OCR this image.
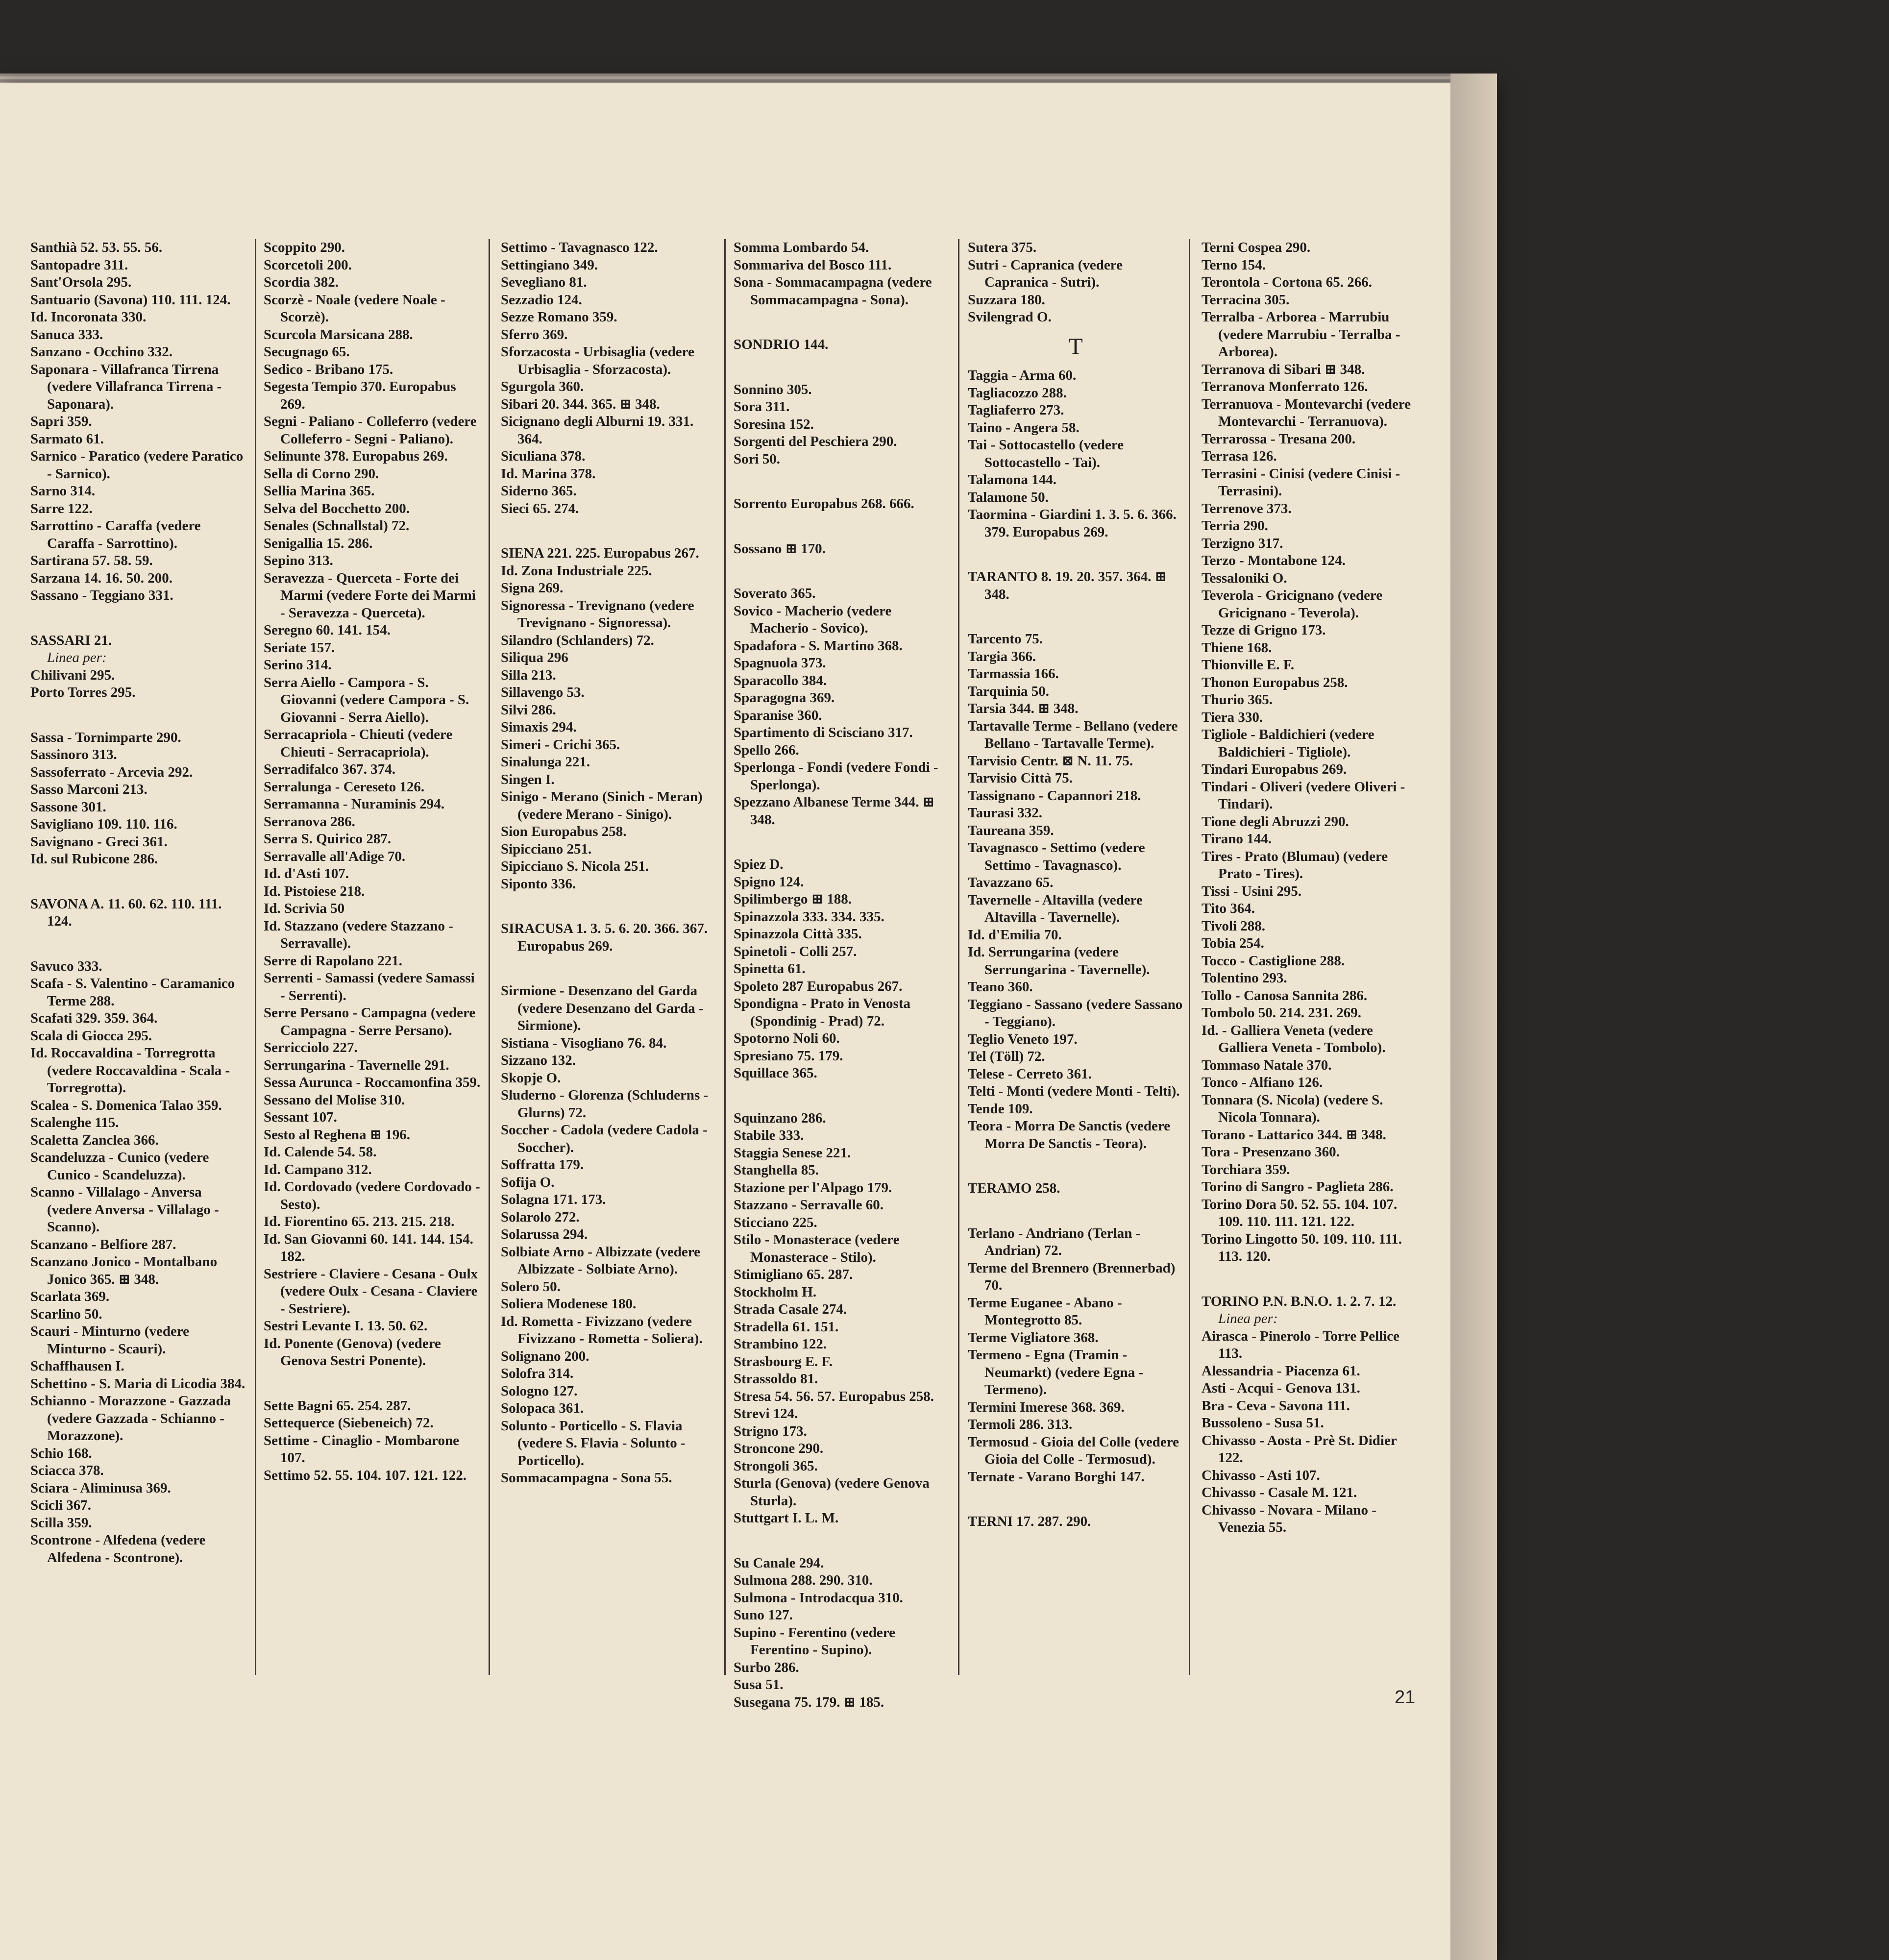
Santhià 52. 53. 55. 56.
Santopadre 311.
Sant'Orsola 295.
Santuario (Savona) 110. 111. 124.
Id. Incoronata 330.
Sanuca 333.
Sanzano - Occhino 332.
Saponara - Villafranca Tirrena (vedere Villafranca Tirrena - Saponara).
Sapri 359.
Sarmato 61.
Sarnico - Paratico (vedere Paratico - Sarnico).
Sarno 314.
Sarre 122.
Sarrottino - Caraffa (vedere Caraffa - Sarrottino).
Sartirana 57. 58. 59.
Sarzana 14. 16. 50. 200.
Sassano - Teggiano 331.
SASSARI 21.
Linea per:
Chilivani 295.
Porto Torres 295.
Sassa - Tornimparte 290.
Sassinoro 313.
Sassoferrato - Arcevia 292.
Sasso Marconi 213.
Sassone 301.
Savigliano 109. 110. 116.
Savignano - Greci 361.
Id. sul Rubicone 286.
SAVONA A. 11. 60. 62. 110. 111. 124.
Savuco 333.
Scafa - S. Valentino - Caramanico Terme 288.
Scafati 329. 359. 364.
Scala di Giocca 295.
Id. Roccavaldina - Torregrotta (vedere Roccavaldina - Scala - Torregrotta).
Scalea - S. Domenica Talao 359.
Scalenghe 115.
Scaletta Zanclea 366.
Scandeluzza - Cunico (vedere Cunico - Scandeluzza).
Scanno - Villalago - Anversa (vedere Anversa - Villalago - Scanno).
Scanzano - Belfiore 287.
Scanzano Jonico - Montalbano Jonico 365. ⊞ 348.
Scarlata 369.
Scarlino 50.
Scauri - Minturno (vedere Minturno - Scauri).
Schaffhausen I.
Schettino - S. Maria di Licodia 384.
Schianno - Morazzone - Gazzada (vedere Gazzada - Schianno - Morazzone).
Schio 168.
Sciacca 378.
Sciara - Aliminusa 369.
Scicli 367.
Scilla 359.
Scontrone - Alfedena (vedere Alfedena - Scontrone).
Scoppito 290.
Scorcetoli 200.
Scordia 382.
Scorzè - Noale (vedere Noale - Scorzè).
Scurcola Marsicana 288.
Secugnago 65.
Sedico - Bribano 175.
Segesta Tempio 370. Europabus 269.
Segni - Paliano - Colleferro (vedere Colleferro - Segni - Paliano).
Selinunte 378. Europabus 269.
Sella di Corno 290.
Sellia Marina 365.
Selva del Bocchetto 200.
Senales (Schnallstal) 72.
Senigallia 15. 286.
Sepino 313.
Seravezza - Querceta - Forte dei Marmi (vedere Forte dei Marmi - Seravezza - Querceta).
Seregno 60. 141. 154.
Seriate 157.
Serino 314.
Serra Aiello - Campora - S. Giovanni (vedere Campora - S. Giovanni - Serra Aiello).
Serracapriola - Chieuti (vedere Chieuti - Serracapriola).
Serradifalco 367. 374.
Serralunga - Cereseto 126.
Serramanna - Nuraminis 294.
Serranova 286.
Serra S. Quirico 287.
Serravalle all'Adige 70.
Id. d'Asti 107.
Id. Pistoiese 218.
Id. Scrivia 50
Id. Stazzano (vedere Stazzano - Serravalle).
Serre di Rapolano 221.
Serrenti - Samassi (vedere Samassi - Serrenti).
Serre Persano - Campagna (vedere Campagna - Serre Persano).
Serricciolo 227.
Serrungarina - Tavernelle 291.
Sessa Aurunca - Roccamonfina 359.
Sessano del Molise 310.
Sessant 107.
Sesto al Reghena ⊞ 196.
Id. Calende 54. 58.
Id. Campano 312.
Id. Cordovado (vedere Cordovado - Sesto).
Id. Fiorentino 65. 213. 215. 218.
Id. San Giovanni 60. 141. 144. 154. 182.
Sestriere - Claviere - Cesana - Oulx (vedere Oulx - Cesana - Claviere - Sestriere).
Sestri Levante I. 13. 50. 62.
Id. Ponente (Genova) (vedere Genova Sestri Ponente).
Sette Bagni 65. 254. 287.
Settequerce (Siebeneich) 72.
Settime - Cinaglio - Mombarone 107.
Settimo 52. 55. 104. 107. 121. 122.
Settimo - Tavagnasco 122.
Settingiano 349.
Seveglìano 81.
Sezzadio 124.
Sezze Romano 359.
Sferro 369.
Sforzacosta - Urbisaglia (vedere Urbisaglia - Sforzacosta).
Sgurgola 360.
Sibari 20. 344. 365. ⊞ 348.
Sicignano degli Alburni 19. 331. 364.
Siculiana 378.
Id. Marina 378.
Siderno 365.
Sieci 65. 274.
SIENA 221. 225. Europabus 267.
Id. Zona Industriale 225.
Signa 269.
Signoressa - Trevignano (vedere Trevignano - Signoressa).
Silandro (Schlanders) 72.
Siliqua 296
Silla 213.
Sillavengo 53.
Silvi 286.
Simaxis 294.
Simeri - Crichi 365.
Sinalunga 221.
Singen I.
Sinigo - Merano (Sinich - Meran) (vedere Merano - Sinigo).
Sion Europabus 258.
Sipicciano 251.
Sipicciano S. Nicola 251.
Siponto 336.
SIRACUSA 1. 3. 5. 6. 20. 366. 367. Europabus 269.
Sirmione - Desenzano del Garda (vedere Desenzano del Garda - Sirmione).
Sistiana - Visogliano 76. 84.
Sizzano 132.
Skopje O.
Sluderno - Glorenza (Schluderns - Glurns) 72.
Soccher - Cadola (vedere Cadola - Soccher).
Soffratta 179.
Sofija O.
Solagna 171. 173.
Solarolo 272.
Solarussa 294.
Solbiate Arno - Albizzate (vedere Albizzate - Solbiate Arno).
Solero 50.
Soliera Modenese 180.
Id. Rometta - Fivizzano (vedere Fivizzano - Rometta - Soliera).
Solignano 200.
Solofra 314.
Sologno 127.
Solopaca 361.
Solunto - Porticello - S. Flavia (vedere S. Flavia - Solunto - Porticello).
Sommacampagna - Sona 55.
Somma Lombardo 54.
Sommariva del Bosco 111.
Sona - Sommacampagna (vedere Sommacampagna - Sona).
SONDRIO 144.
Sonnino 305.
Sora 311.
Soresina 152.
Sorgenti del Peschiera 290.
Sori 50.
Sorrento Europabus 268. 666.
Sossano ⊞ 170.
Soverato 365.
Sovico - Macherio (vedere Macherio - Sovico).
Spadafora - S. Martino 368.
Spagnuola 373.
Sparacollo 384.
Sparagogna 369.
Sparanise 360.
Spartimento di Scisciano 317.
Spello 266.
Sperlonga - Fondi (vedere Fondi - Sperlonga).
Spezzano Albanese Terme 344. ⊞ 348.
Spiez D.
Spigno 124.
Spilimbergo ⊞ 188.
Spinazzola 333. 334. 335.
Spinazzola Città 335.
Spinetoli - Colli 257.
Spinetta 61.
Spoleto 287 Europabus 267.
Spondigna - Prato in Venosta (Spondinig - Prad) 72.
Spotorno Noli 60.
Spresiano 75. 179.
Squillace 365.
Squinzano 286.
Stabile 333.
Staggia Senese 221.
Stanghella 85.
Stazione per l'Alpago 179.
Stazzano - Serravalle 60.
Sticciano 225.
Stilo - Monasterace (vedere Monasterace - Stilo).
Stimigliano 65. 287.
Stockholm H.
Strada Casale 274.
Stradella 61. 151.
Strambino 122.
Strasbourg E. F.
Strassoldo 81.
Stresa 54. 56. 57. Europabus 258.
Strevi 124.
Strigno 173.
Stroncone 290.
Strongoli 365.
Sturla (Genova) (vedere Genova Sturla).
Stuttgart I. L. M.
Su Canale 294.
Sulmona 288. 290. 310.
Sulmona - Introdacqua 310.
Suno 127.
Supino - Ferentino (vedere Ferentino - Supino).
Surbo 286.
Susa 51.
Susegana 75. 179. ⊞ 185.
Sutera 375.
Sutri - Capranica (vedere Capranica - Sutri).
Suzzara 180.
Svilengrad O.
T
Taggia - Arma 60.
Tagliacozzo 288.
Tagliaferro 273.
Taino - Angera 58.
Tai - Sottocastello (vedere Sottocastello - Tai).
Talamona 144.
Talamone 50.
Taormina - Giardini 1. 3. 5. 6. 366. 379. Europabus 269.
TARANTO 8. 19. 20. 357. 364. ⊞ 348.
Tarcento 75.
Targia 366.
Tarmassia 166.
Tarquinia 50.
Tarsia 344. ⊞ 348.
Tartavalle Terme - Bellano (vedere Bellano - Tartavalle Terme).
Tarvisio Centr. ⊠ N. 11. 75.
Tarvisio Città 75.
Tassignano - Capannori 218.
Taurasi 332.
Taureana 359.
Tavagnasco - Settimo (vedere Settimo - Tavagnasco).
Tavazzano 65.
Tavernelle - Altavilla (vedere Altavilla - Tavernelle).
Id. d'Emilia 70.
Id. Serrungarina (vedere Serrungarina - Tavernelle).
Teano 360.
Teggiano - Sassano (vedere Sassano - Teggiano).
Teglio Veneto 197.
Tel (Töll) 72.
Telese - Cerreto 361.
Telti - Monti (vedere Monti - Telti).
Tende 109.
Teora - Morra De Sanctis (vedere Morra De Sanctis - Teora).
TERAMO 258.
Terlano - Andriano (Terlan - Andrian) 72.
Terme del Brennero (Brennerbad) 70.
Terme Euganee - Abano - Montegrotto 85.
Terme Vigliatore 368.
Termeno - Egna (Tramin - Neumarkt) (vedere Egna - Termeno).
Termini Imerese 368. 369.
Termoli 286. 313.
Termosud - Gioia del Colle (vedere Gioia del Colle - Termosud).
Ternate - Varano Borghi 147.
TERNI 17. 287. 290.
Terni Cospea 290.
Terno 154.
Terontola - Cortona 65. 266.
Terracina 305.
Terralba - Arborea - Marrubiu (vedere Marrubiu - Terralba - Arborea).
Terranova di Sibari ⊞ 348.
Terranova Monferrato 126.
Terranuova - Montevarchi (vedere Montevarchi - Terranuova).
Terrarossa - Tresana 200.
Terrasa 126.
Terrasini - Cinisi (vedere Cinisi - Terrasini).
Terrenove 373.
Terria 290.
Terzigno 317.
Terzo - Montabone 124.
Tessaloniki O.
Teverola - Gricignano (vedere Gricignano - Teverola).
Tezze di Grigno 173.
Thiene 168.
Thionville E. F.
Thonon Europabus 258.
Thurio 365.
Tiera 330.
Tigliole - Baldichieri (vedere Baldichieri - Tigliole).
Tindari Europabus 269.
Tindari - Oliveri (vedere Oliveri - Tindari).
Tione degli Abruzzi 290.
Tirano 144.
Tires - Prato (Blumau) (vedere Prato - Tires).
Tissi - Usini 295.
Tito 364.
Tivoli 288.
Tobia 254.
Tocco - Castiglione 288.
Tolentino 293.
Tollo - Canosa Sannita 286.
Tombolo 50. 214. 231. 269.
Id. - Galliera Veneta (vedere Galliera Veneta - Tombolo).
Tommaso Natale 370.
Tonco - Alfiano 126.
Tonnara (S. Nicola) (vedere S. Nicola Tonnara).
Torano - Lattarico 344. ⊞ 348.
Tora - Presenzano 360.
Torchiara 359.
Torino di Sangro - Paglieta 286.
Torino Dora 50. 52. 55. 104. 107. 109. 110. 111. 121. 122.
Torino Lingotto 50. 109. 110. 111. 113. 120.
TORINO P.N. B.N.O. 1. 2. 7. 12.
Linea per:
Airasca - Pinerolo - Torre Pellice 113.
Alessandria - Piacenza 61.
Asti - Acqui - Genova 131.
Bra - Ceva - Savona 111.
Bussoleno - Susa 51.
Chivasso - Aosta - Prè St. Didier 122.
Chivasso - Asti 107.
Chivasso - Casale M. 121.
Chivasso - Novara - Milano - Venezia 55.
21
